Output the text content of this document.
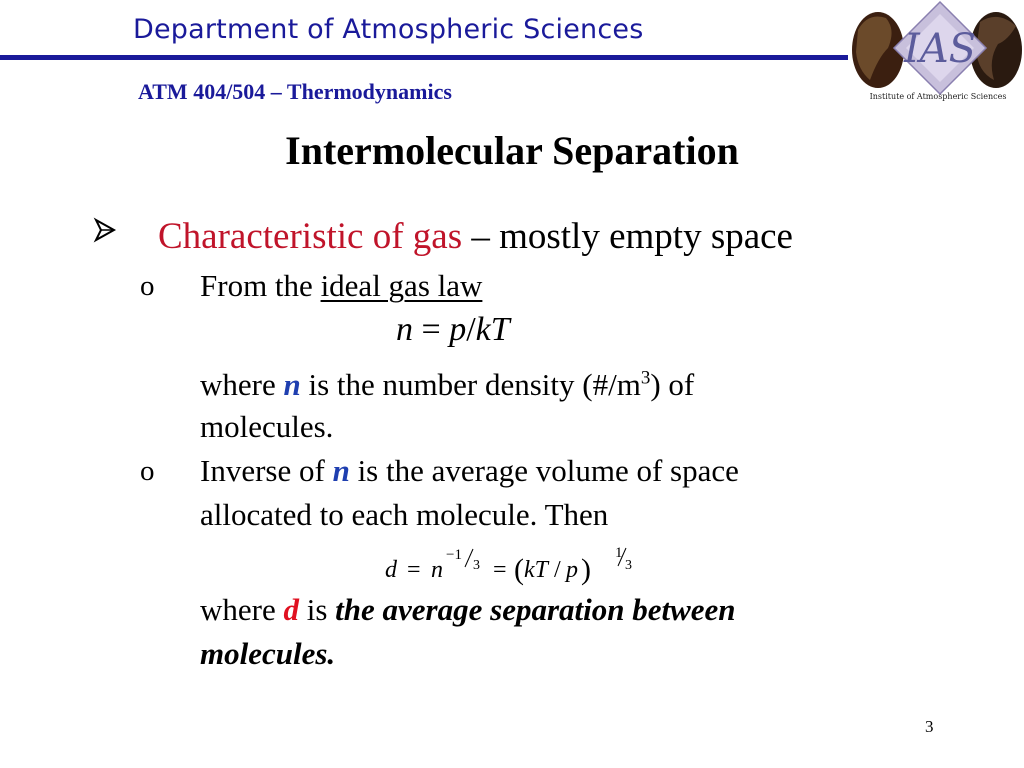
Department of Atmospheric Sciences
ATM 404/504 – Thermodynamics
IAS
Institute of Atmospheric Sciences
Intermolecular Separation
Characteristic of gas – mostly empty space
o From the ideal gas law
n = p/kT
where n is the number density $(\#/m^3)$ of
molecules.
o Inverse of n is the average volume of space
allocated to each molecule. Then
d = n
−1
3 = ( kT / p ) 1
3
where d is the average separation between
molecules.
3
